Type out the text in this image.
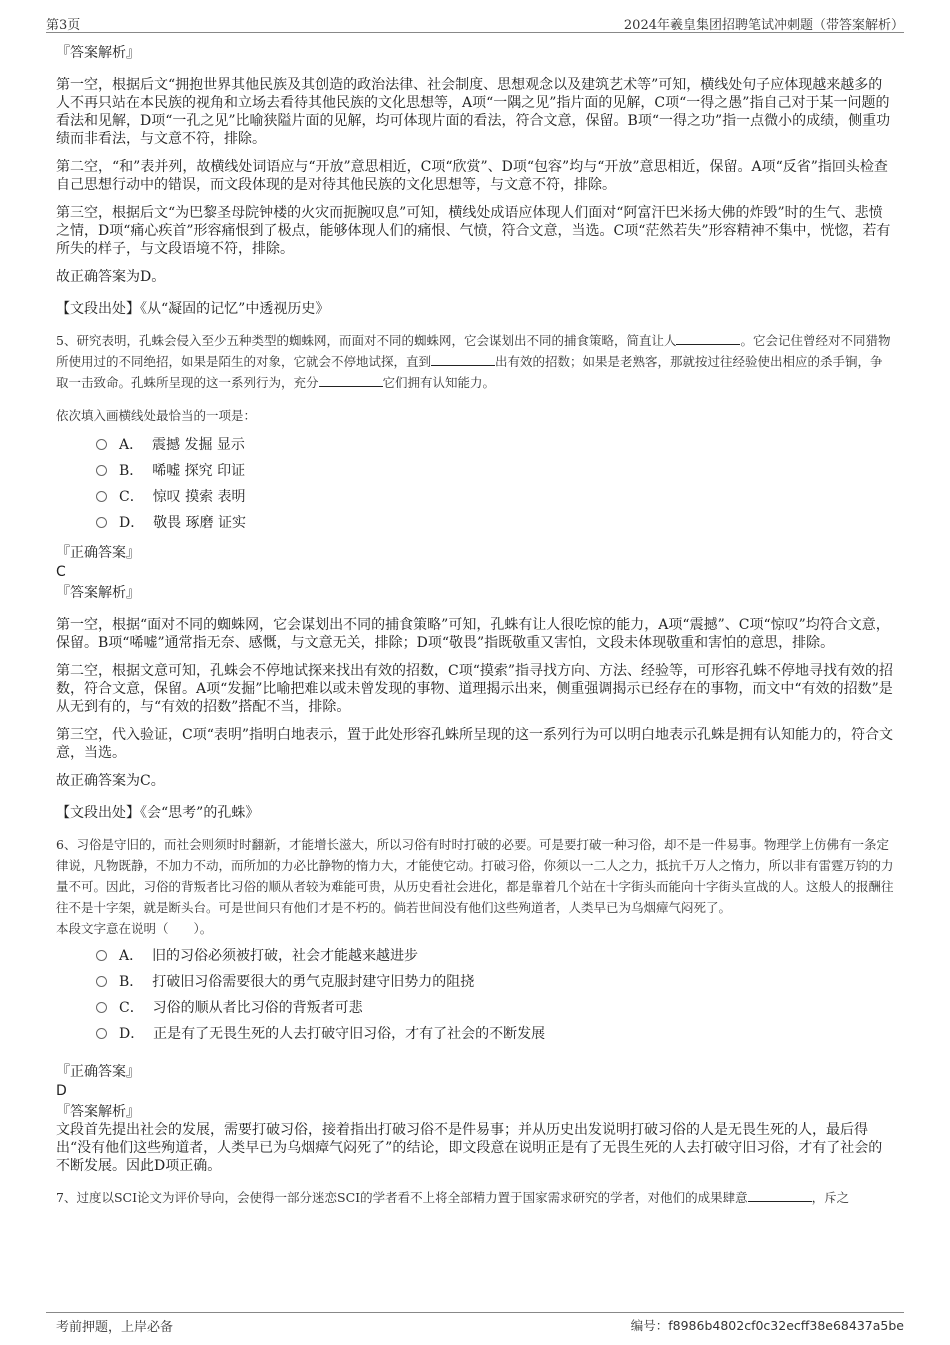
第3页	2024年羲皇集团招聘笔试冲刺题（带答案解析）

『答案解析』

第一空，根据后文“拥抱世界其他民族及其创造的政治法律、社会制度、思想观念以及建筑艺术等”可知，横线处句子应体现越来越多的人不再只站在本民族的视角和立场去看待其他民族的文化思想等，A项“一隅之见”指片面的见解，C项“一得之愚”指自己对于某一问题的看法和见解，D项“一孔之见”比喻狭隘片面的见解，均可体现片面的看法，符合文意，保留。B项“一得之功”指一点微小的成绩，侧重功绩而非看法，与文意不符，排除。

第二空，“和”表并列，故横线处词语应与“开放”意思相近，C项“欣赏”、D项“包容”均与“开放”意思相近，保留。A项“反省”指回头检查自己思想行动中的错误，而文段体现的是对待其他民族的文化思想等，与文意不符，排除。

第三空，根据后文“为巴黎圣母院钟楼的火灾而扼腕叹息”可知，横线处成语应体现人们面对“阿富汗巴米扬大佛的炸毁”时的生气、悲愤之情，D项“痛心疾首”形容痛恨到了极点，能够体现人们的痛恨、气愤，符合文意，当选。C项“茫然若失”形容精神不集中，恍惚，若有所失的样子，与文段语境不符，排除。

故正确答案为D。

【文段出处】《从“凝固的记忆”中透视历史》

5、研究表明，孔蛛会侵入至少五种类型的蜘蛛网，而面对不同的蜘蛛网，它会谋划出不同的捕食策略，简直让人	。它会记住曾经对不同猎物所使用过的不同绝招，如果是陌生的对象，它就会不停地试探，直到	出有效的招数；如果是老熟客，那就按过往经验使出相应的杀手锏，争取一击致命。孔蛛所呈现的这一系列行为，充分	它们拥有认知能力。

依次填入画横线处最恰当的一项是：

A． 震撼 发掘 显示
B． 唏嘘 探究 印证
C． 惊叹 摸索 表明
D． 敬畏 琢磨 证实

『正确答案』

C

『答案解析』

第一空，根据“面对不同的蜘蛛网，它会谋划出不同的捕食策略”可知，孔蛛有让人很吃惊的能力，A项“震撼”、C项“惊叹”均符合文意，保留。B项“唏嘘”通常指无奈、感慨，与文意无关，排除；D项“敬畏”指既敬重又害怕，文段未体现敬重和害怕的意思，排除。

第二空，根据文意可知，孔蛛会不停地试探来找出有效的招数，C项“摸索”指寻找方向、方法、经验等，可形容孔蛛不停地寻找有效的招数，符合文意，保留。A项“发掘”比喻把难以或未曾发现的事物、道理揭示出来，侧重强调揭示已经存在的事物，而文中“有效的招数”是从无到有的，与“有效的招数”搭配不当，排除。

第三空，代入验证，C项“表明”指明白地表示，置于此处形容孔蛛所呈现的这一系列行为可以明白地表示孔蛛是拥有认知能力的，符合文意，当选。

故正确答案为C。

【文段出处】《会“思考”的孔蛛》

6、习俗是守旧的，而社会则须时时翻新，才能增长滋大，所以习俗有时时打破的必要。可是要打破一种习俗，却不是一件易事。物理学上仿佛有一条定律说，凡物既静，不加力不动，而所加的力必比静物的惰力大，才能使它动。打破习俗，你须以一二人之力，抵抗千万人之惰力，所以非有雷霆万钧的力量不可。因此，习俗的背叛者比习俗的顺从者较为难能可贵，从历史看社会进化，都是靠着几个站在十字街头而能向十字街头宣战的人。这般人的报酬往往不是十字架，就是断头台。可是世间只有他们才是不朽的。倘若世间没有他们这些殉道者，人类早已为乌烟瘴气闷死了。

本段文字意在说明（　　）。

A． 旧的习俗必须被打破，社会才能越来越进步
B． 打破旧习俗需要很大的勇气克服封建守旧势力的阻挠
C． 习俗的顺从者比习俗的背叛者可悲
D． 正是有了无畏生死的人去打破守旧习俗，才有了社会的不断发展

『正确答案』

D

『答案解析』

文段首先提出社会的发展，需要打破习俗，接着指出打破习俗不是件易事；并从历史出发说明打破习俗的人是无畏生死的人，最后得出“没有他们这些殉道者，人类早已为乌烟瘴气闷死了”的结论，即文段意在说明正是有了无畏生死的人去打破守旧习俗，才有了社会的不断发展。因此D项正确。

7、过度以SCI论文为评价导向，会使得一部分迷恋SCI的学者看不上将全部精力置于国家需求研究的学者，对他们的成果肆意	，斥之

考前押题，上岸必备	编号：f8986b4802cf0c32ecff38e68437a5be
